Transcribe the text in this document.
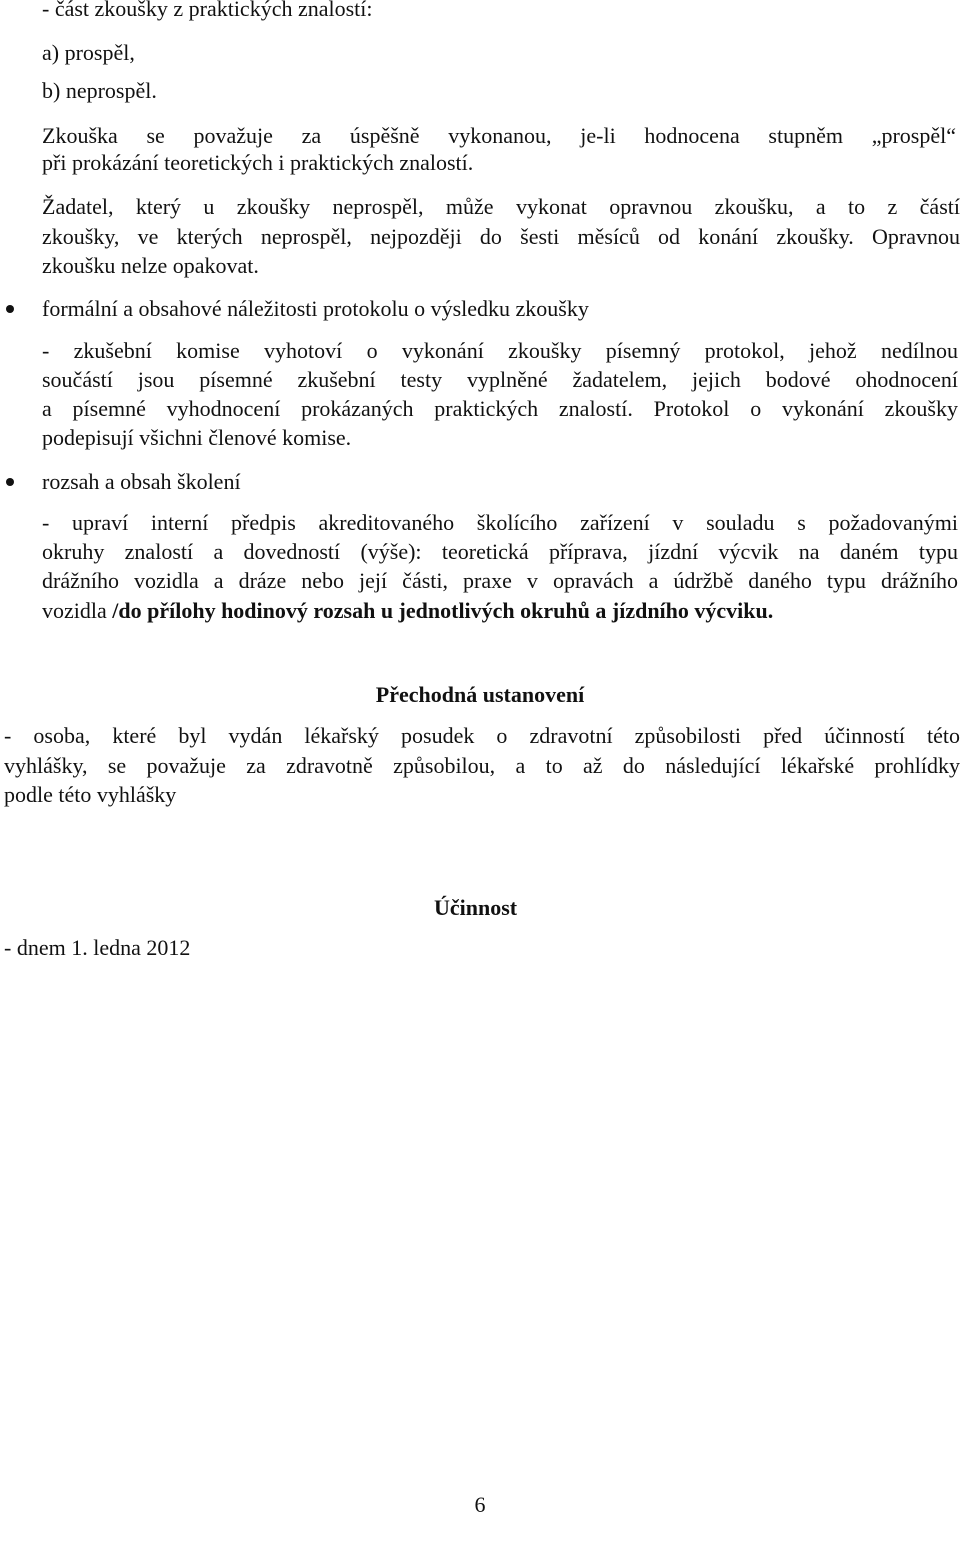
- část zkoušky z praktických znalostí:
a) prospěl,
b) neprospěl.
Zkouška se považuje za úspěšně vykonanou, je-li hodnocena stupněm „prospěl“
při prokázání teoretických i praktických znalostí.
Žadatel, který u zkoušky neprospěl, může vykonat opravnou zkoušku, a to z částí
zkoušky, ve kterých neprospěl, nejpozději do šesti měsíců od konání zkoušky. Opravnou
zkoušku nelze opakovat.
formální a obsahové náležitosti protokolu o výsledku zkoušky
- zkušební komise vyhotoví o vykonání zkoušky písemný protokol, jehož nedílnou
součástí jsou písemné zkušební testy vyplněné žadatelem, jejich bodové ohodnocení
a písemné vyhodnocení prokázaných praktických znalostí. Protokol o vykonání zkoušky
podepisují všichni členové komise.
rozsah a obsah školení
- upraví interní předpis akreditovaného školícího zařízení v souladu s požadovanými
okruhy znalostí a dovedností (výše): teoretická příprava, jízdní výcvik na daném typu
drážního vozidla a dráze nebo její části, praxe v opravách a údržbě daného typu drážního
vozidla /do přílohy hodinový rozsah u jednotlivých okruhů a jízdního výcviku.
Přechodná ustanovení
- osoba, které byl vydán lékařský posudek o zdravotní způsobilosti před účinností této
vyhlášky, se považuje za zdravotně způsobilou, a to až do následující lékařské prohlídky
podle této vyhlášky
Účinnost
- dnem 1. ledna 2012
6
